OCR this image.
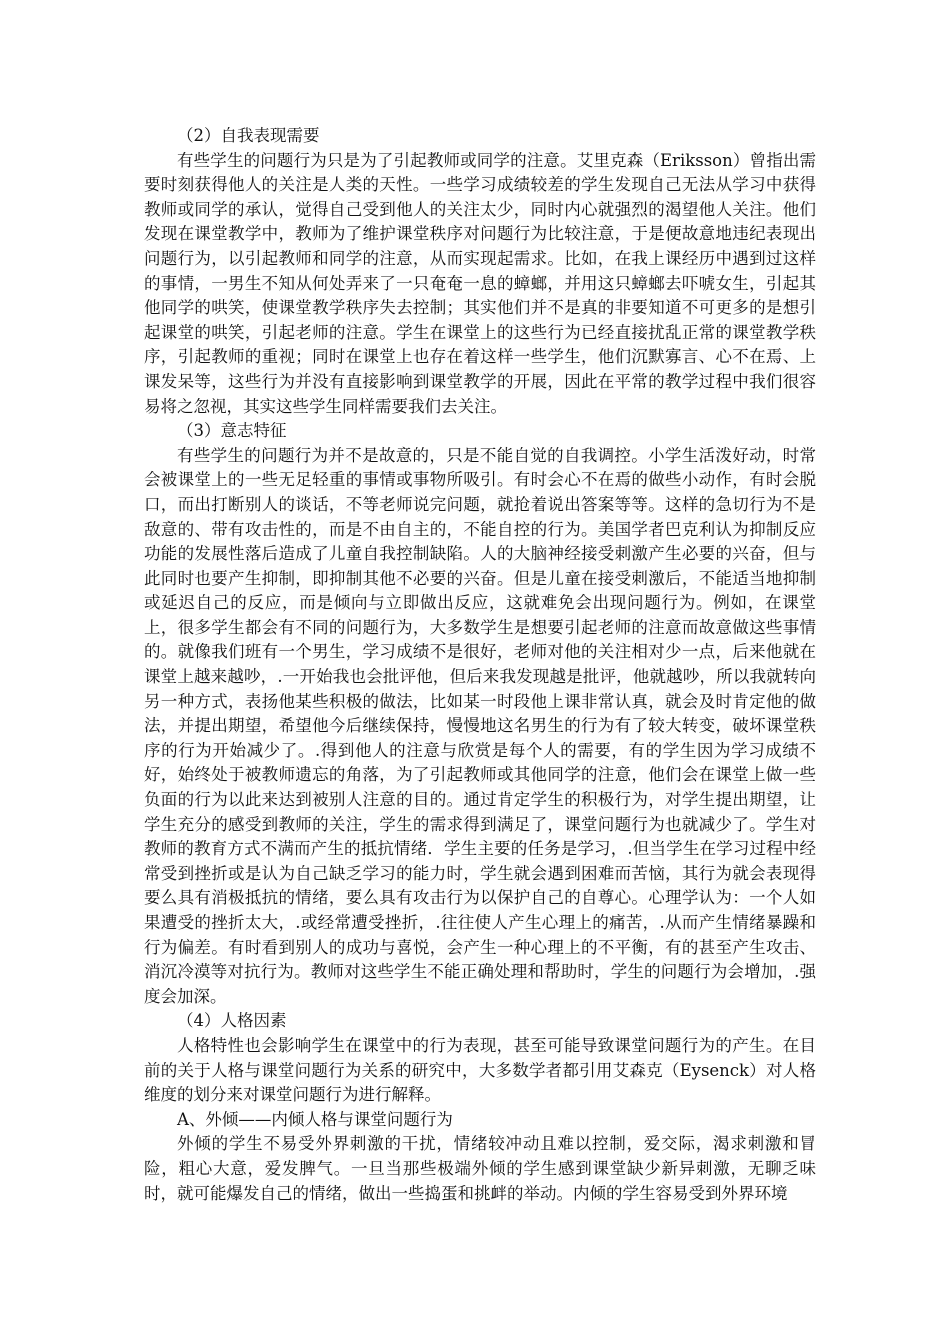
（2）自我表现需要

有些学生的问题行为只是为了引起教师或同学的注意。艾里克森（Eriksson）曾指出需要时刻获得他人的关注是人类的天性。一些学习成绩较差的学生发现自己无法从学习中获得教师或同学的承认，觉得自己受到他人的关注太少，同时内心就强烈的渴望他人关注。他们发现在课堂教学中，教师为了维护课堂秩序对问题行为比较注意，于是便故意地违纪表现出问题行为，以引起教师和同学的注意，从而实现起需求。比如，在我上课经历中遇到过这样的事情，一男生不知从何处弄来了一只奄奄一息的蟑螂，并用这只蟑螂去吓唬女生，引起其他同学的哄笑，使课堂教学秩序失去控制；其实他们并不是真的非要知道不可更多的是想引起课堂的哄笑，引起老师的注意。学生在课堂上的这些行为已经直接扰乱正常的课堂教学秩序，引起教师的重视；同时在课堂上也存在着这样一些学生，他们沉默寡言、心不在焉、上课发呆等，这些行为并没有直接影响到课堂教学的开展，因此在平常的教学过程中我们很容易将之忽视，其实这些学生同样需要我们去关注。

（3）意志特征

有些学生的问题行为并不是故意的，只是不能自觉的自我调控。小学生活泼好动，时常会被课堂上的一些无足轻重的事情或事物所吸引。有时会心不在焉的做些小动作，有时会脱口，而出打断别人的谈话，不等老师说完问题，就抢着说出答案等等。这样的急切行为不是敌意的、带有攻击性的，而是不由自主的，不能自控的行为。美国学者巴克利认为抑制反应功能的发展性落后造成了儿童自我控制缺陷。人的大脑神经接受刺激产生必要的兴奋，但与此同时也要产生抑制，即抑制其他不必要的兴奋。但是儿童在接受刺激后，不能适当地抑制或延迟自己的反应，而是倾向与立即做出反应，这就难免会出现问题行为。例如，在课堂上，很多学生都会有不同的问题行为，大多数学生是想要引起老师的注意而故意做这些事情的。就像我们班有一个男生，学习成绩不是很好，老师对他的关注相对少一点，后来他就在课堂上越来越吵，.一开始我也会批评他，但后来我发现越是批评，他就越吵，所以我就转向另一种方式，表扬他某些积极的做法，比如某一时段他上课非常认真，就会及时肯定他的做法，并提出期望，希望他今后继续保持，慢慢地这名男生的行为有了较大转变，破坏课堂秩序的行为开始减少了。.得到他人的注意与欣赏是每个人的需要，有的学生因为学习成绩不好，始终处于被教师遗忘的角落，为了引起教师或其他同学的注意，他们会在课堂上做一些负面的行为以此来达到被别人注意的目的。通过肯定学生的积极行为，对学生提出期望，让学生充分的感受到教师的关注，学生的需求得到满足了，课堂问题行为也就减少了。学生对教师的教育方式不满而产生的抵抗情绪．学生主要的任务是学习，.但当学生在学习过程中经常受到挫折或是认为自己缺乏学习的能力时，学生就会遇到困难而苦恼，其行为就会表现得要么具有消极抵抗的情绪，要么具有攻击行为以保护自己的自尊心。心理学认为：一个人如果遭受的挫折太大，.或经常遭受挫折，.往往使人产生心理上的痛苦，.从而产生情绪暴躁和行为偏差。有时看到别人的成功与喜悦，会产生一种心理上的不平衡，有的甚至产生攻击、消沉冷漠等对抗行为。教师对这些学生不能正确处理和帮助时，学生的问题行为会增加，.强度会加深。

（4）人格因素

人格特性也会影响学生在课堂中的行为表现，甚至可能导致课堂问题行为的产生。在目前的关于人格与课堂问题行为关系的研究中，大多数学者都引用艾森克（Eysenck）对人格维度的划分来对课堂问题行为进行解释。

A、外倾——内倾人格与课堂问题行为

外倾的学生不易受外界刺激的干扰，情绪较冲动且难以控制，爱交际，渴求刺激和冒险，粗心大意，爱发脾气。一旦当那些极端外倾的学生感到课堂缺少新异刺激，无聊乏味时，就可能爆发自己的情绪，做出一些捣蛋和挑衅的举动。内倾的学生容易受到外界环境
